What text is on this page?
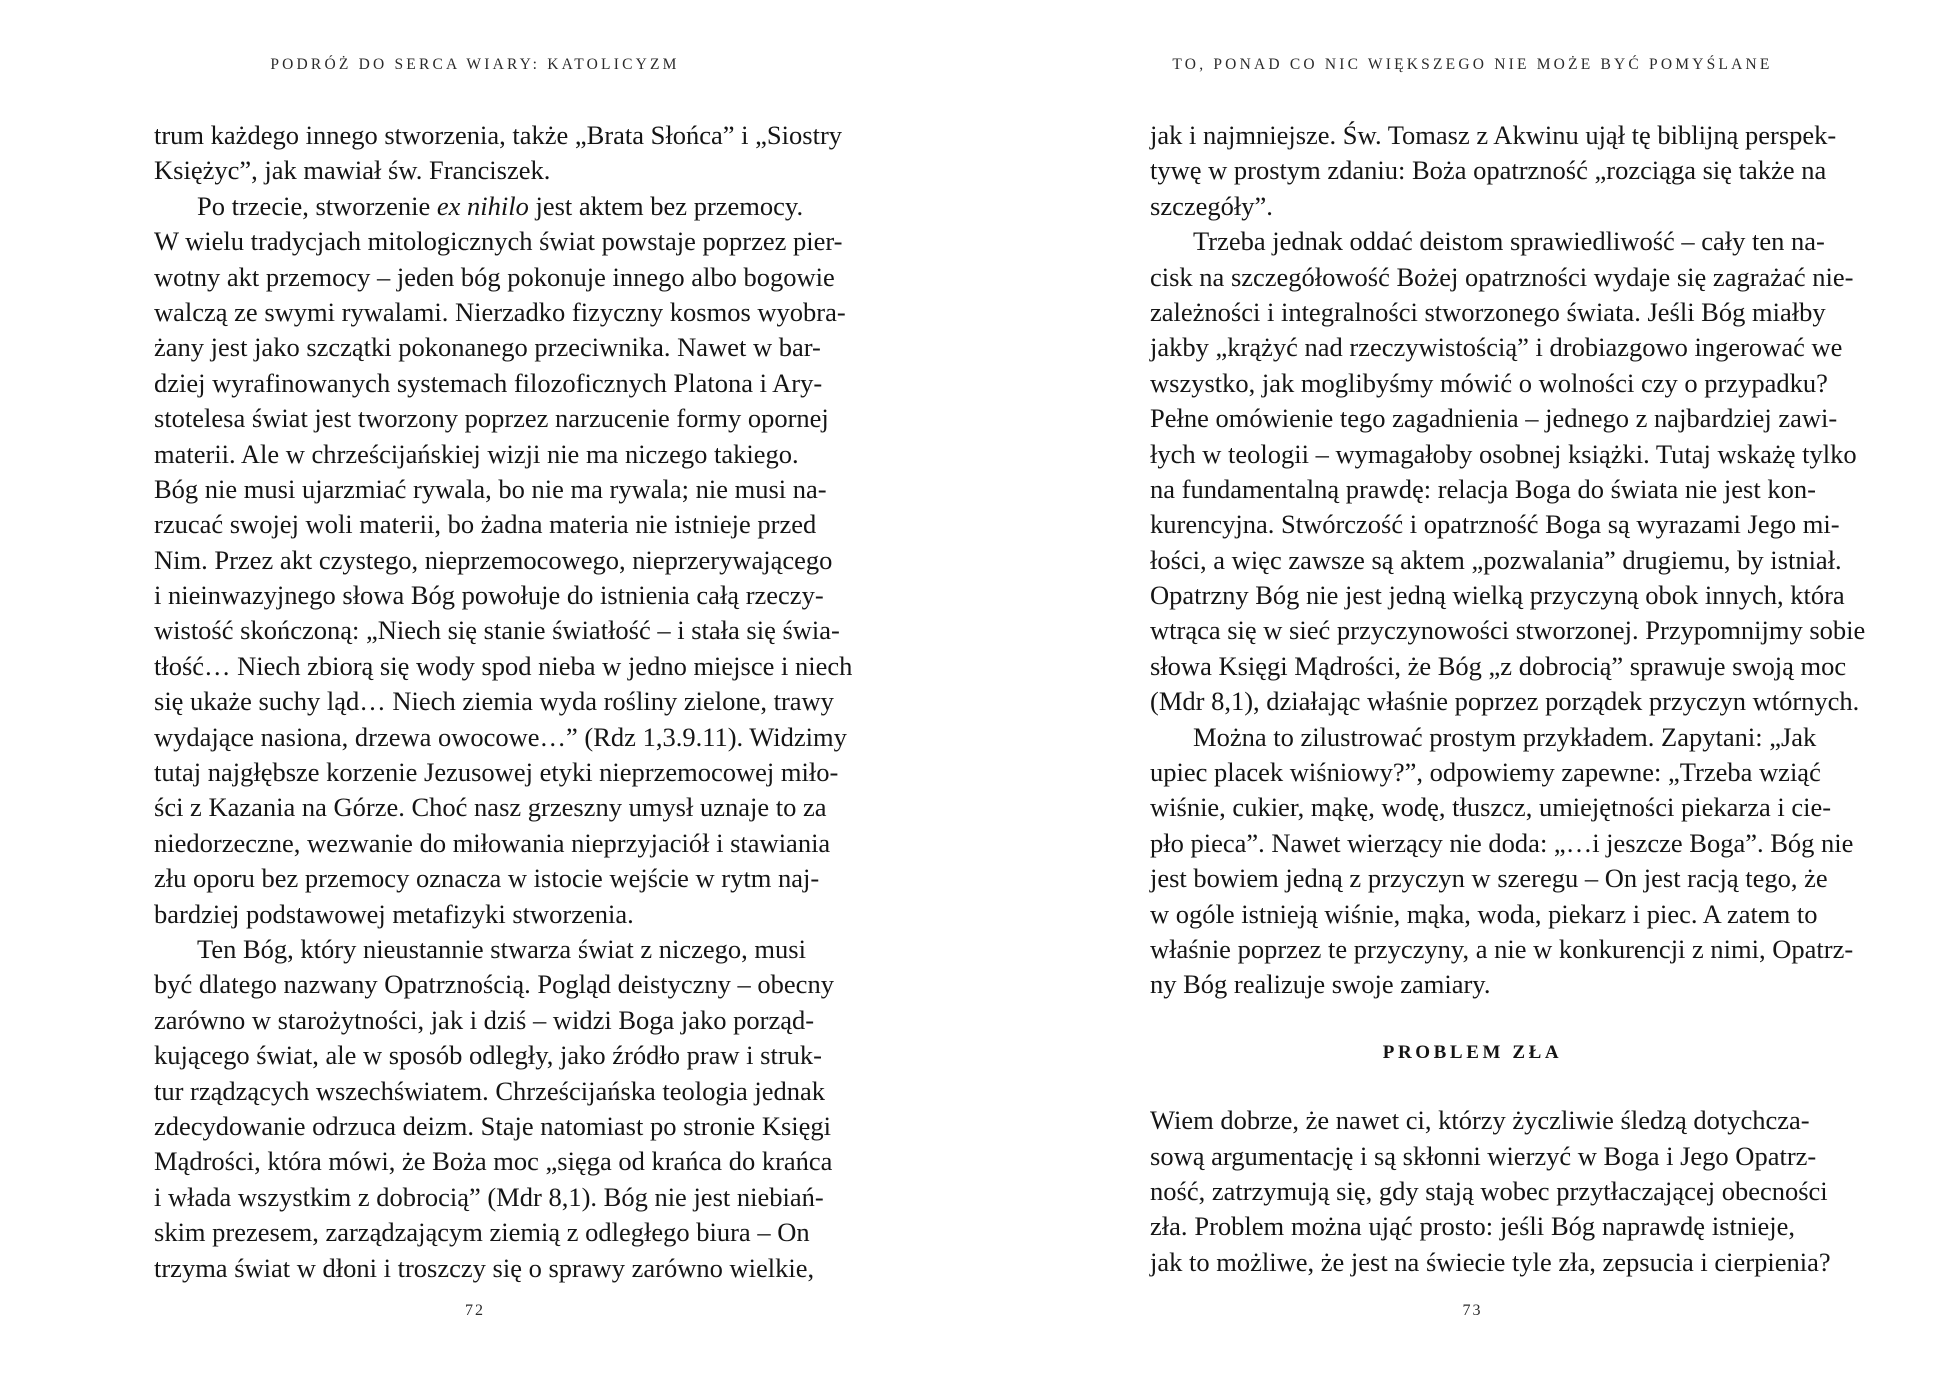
PODRÓŻ DO SERCA WIARY: KATOLICYZM
trum każdego innego stworzenia, także „Brata Słońca” i „Siostry
Księżyc”, jak mawiał św. Franciszek.
Po trzecie, stworzenie ex nihilo jest aktem bez przemocy.
W wielu tradycjach mitologicznych świat powstaje poprzez pier-
wotny akt przemocy – jeden bóg pokonuje innego albo bogowie
walczą ze swymi rywalami. Nierzadko fizyczny kosmos wyobra-
żany jest jako szczątki pokonanego przeciwnika. Nawet w bar-
dziej wyrafinowanych systemach filozoficznych Platona i Ary-
stotelesa świat jest tworzony poprzez narzucenie formy opornej
materii. Ale w chrześcijańskiej wizji nie ma niczego takiego.
Bóg nie musi ujarzmiać rywala, bo nie ma rywala; nie musi na-
rzucać swojej woli materii, bo żadna materia nie istnieje przed
Nim. Przez akt czystego, nieprzemocowego, nieprzerywającego
i nieinwazyjnego słowa Bóg powołuje do istnienia całą rzeczy-
wistość skończoną: „Niech się stanie światłość – i stała się świa-
tłość… Niech zbiorą się wody spod nieba w jedno miejsce i niech
się ukaże suchy ląd… Niech ziemia wyda rośliny zielone, trawy
wydające nasiona, drzewa owocowe…” (Rdz 1,3.9.11). Widzimy
tutaj najgłębsze korzenie Jezusowej etyki nieprzemocowej miło-
ści z Kazania na Górze. Choć nasz grzeszny umysł uznaje to za
niedorzeczne, wezwanie do miłowania nieprzyjaciół i stawiania
złu oporu bez przemocy oznacza w istocie wejście w rytm naj-
bardziej podstawowej metafizyki stworzenia.
Ten Bóg, który nieustannie stwarza świat z niczego, musi
być dlatego nazwany Opatrznością. Pogląd deistyczny – obecny
zarówno w starożytności, jak i dziś – widzi Boga jako porząd-
kującego świat, ale w sposób odległy, jako źródło praw i struk-
tur rządzących wszechświatem. Chrześcijańska teologia jednak
zdecydowanie odrzuca deizm. Staje natomiast po stronie Księgi
Mądrości, która mówi, że Boża moc „sięga od krańca do krańca
i włada wszystkim z dobrocią” (Mdr 8,1). Bóg nie jest niebiań-
skim prezesem, zarządzającym ziemią z odległego biura – On
trzyma świat w dłoni i troszczy się o sprawy zarówno wielkie,
72
TO, PONAD CO NIC WIĘKSZEGO NIE MOŻE BYĆ POMYŚLANE
jak i najmniejsze. Św. Tomasz z Akwinu ujął tę biblijną perspek-
tywę w prostym zdaniu: Boża opatrzność „rozciąga się także na
szczegóły”.
Trzeba jednak oddać deistom sprawiedliwość – cały ten na-
cisk na szczegółowość Bożej opatrzności wydaje się zagrażać nie-
zależności i integralności stworzonego świata. Jeśli Bóg miałby
jakby „krążyć nad rzeczywistością” i drobiazgowo ingerować we
wszystko, jak moglibyśmy mówić o wolności czy o przypadku?
Pełne omówienie tego zagadnienia – jednego z najbardziej zawi-
łych w teologii – wymagałoby osobnej książki. Tutaj wskażę tylko
na fundamentalną prawdę: relacja Boga do świata nie jest kon-
kurencyjna. Stwórczość i opatrzność Boga są wyrazami Jego mi-
łości, a więc zawsze są aktem „pozwalania” drugiemu, by istniał.
Opatrzny Bóg nie jest jedną wielką przyczyną obok innych, która
wtrąca się w sieć przyczynowości stworzonej. Przypomnijmy sobie
słowa Księgi Mądrości, że Bóg „z dobrocią” sprawuje swoją moc
(Mdr 8,1), działając właśnie poprzez porządek przyczyn wtórnych.
Można to zilustrować prostym przykładem. Zapytani: „Jak
upiec placek wiśniowy?”, odpowiemy zapewne: „Trzeba wziąć
wiśnie, cukier, mąkę, wodę, tłuszcz, umiejętności piekarza i cie-
pło pieca”. Nawet wierzący nie doda: „…i jeszcze Boga”. Bóg nie
jest bowiem jedną z przyczyn w szeregu – On jest racją tego, że
w ogóle istnieją wiśnie, mąka, woda, piekarz i piec. A zatem to
właśnie poprzez te przyczyny, a nie w konkurencji z nimi, Opatrz-
ny Bóg realizuje swoje zamiary.
PROBLEM ZŁA
Wiem dobrze, że nawet ci, którzy życzliwie śledzą dotychcza-
sową argumentację i są skłonni wierzyć w Boga i Jego Opatrz-
ność, zatrzymują się, gdy stają wobec przytłaczającej obecności
zła. Problem można ująć prosto: jeśli Bóg naprawdę istnieje,
jak to możliwe, że jest na świecie tyle zła, zepsucia i cierpienia?
73
